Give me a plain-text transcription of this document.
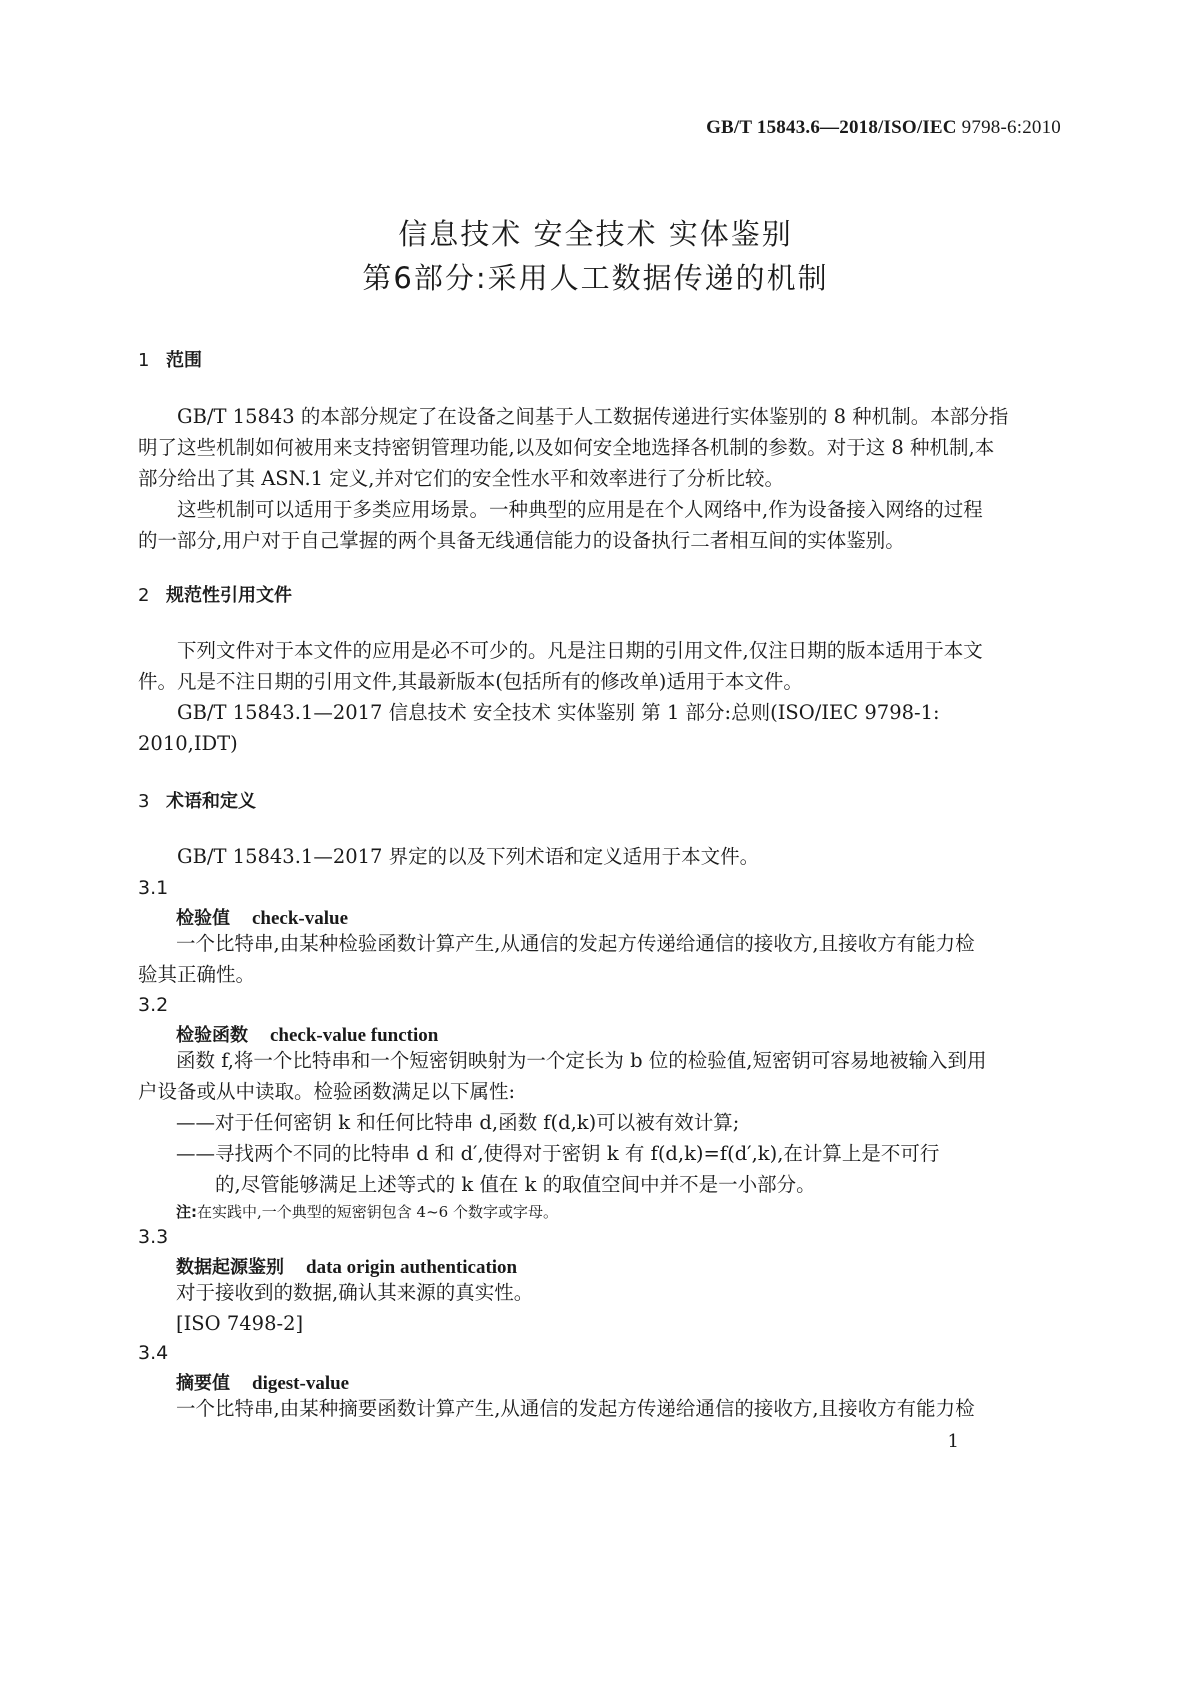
GB/T 15843.6—2018/ISO/IEC 9798-6:2010
信息技术 安全技术 实体鉴别
第6部分:采用人工数据传递的机制
1 范围
GB/T 15843 的本部分规定了在设备之间基于人工数据传递进行实体鉴别的 8 种机制。本部分指
明了这些机制如何被用来支持密钥管理功能,以及如何安全地选择各机制的参数。对于这 8 种机制,本
部分给出了其 ASN.1 定义,并对它们的安全性水平和效率进行了分析比较。
这些机制可以适用于多类应用场景。一种典型的应用是在个人网络中,作为设备接入网络的过程
的一部分,用户对于自己掌握的两个具备无线通信能力的设备执行二者相互间的实体鉴别。
2 规范性引用文件
下列文件对于本文件的应用是必不可少的。凡是注日期的引用文件,仅注日期的版本适用于本文
件。凡是不注日期的引用文件,其最新版本(包括所有的修改单)适用于本文件。
GB/T 15843.1—2017 信息技术 安全技术 实体鉴别 第 1 部分:总则(ISO/IEC 9798-1:
2010,IDT)
3 术语和定义
GB/T 15843.1—2017 界定的以及下列术语和定义适用于本文件。
3.1
检验值 check-value
一个比特串,由某种检验函数计算产生,从通信的发起方传递给通信的接收方,且接收方有能力检
验其正确性。
3.2
检验函数 check-value function
函数 f,将一个比特串和一个短密钥映射为一个定长为 b 位的检验值,短密钥可容易地被输入到用
户设备或从中读取。检验函数满足以下属性:
——对于任何密钥 k 和任何比特串 d,函数 f(d,k)可以被有效计算;
——寻找两个不同的比特串 d 和 d′,使得对于密钥 k 有 f(d,k)=f(d′,k),在计算上是不可行
的,尽管能够满足上述等式的 k 值在 k 的取值空间中并不是一小部分。
注:在实践中,一个典型的短密钥包含 4~6 个数字或字母。
3.3
数据起源鉴别 data origin authentication
对于接收到的数据,确认其来源的真实性。
[ISO 7498-2]
3.4
摘要值 digest-value
一个比特串,由某种摘要函数计算产生,从通信的发起方传递给通信的接收方,且接收方有能力检
1
